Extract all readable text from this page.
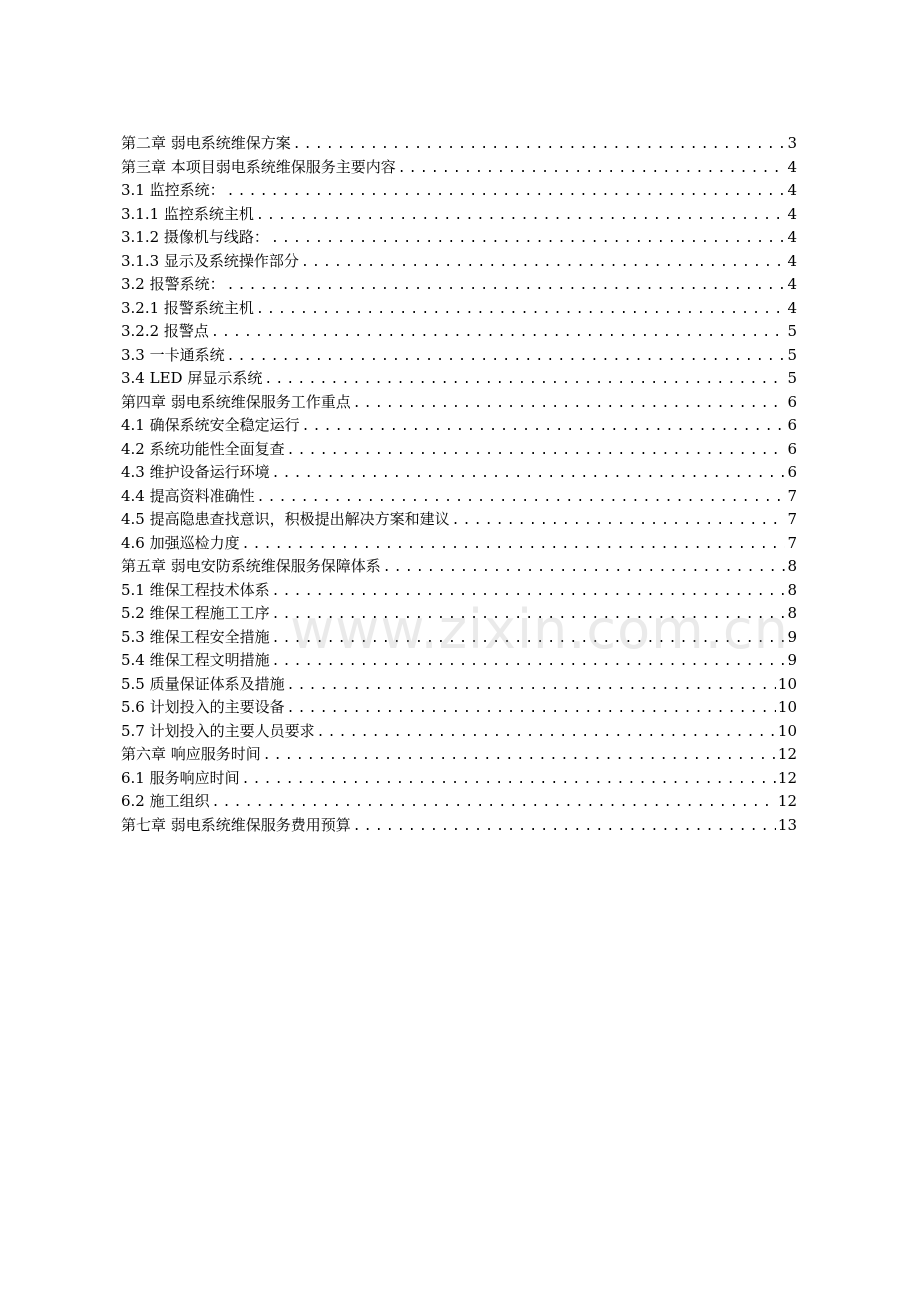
第二章 弱电系统维保方案 .....	3
第三章 本项目弱电系统维保服务主要内容 .....	4
3.1 监控系统： .....	4
3.1.1 监控系统主机 .....	4
3.1.2 摄像机与线路： .....	4
3.1.3 显示及系统操作部分 .....	4
3.2 报警系统： .....	4
3.2.1 报警系统主机 .....	4
3.2.2 报警点 .....	5
3.3 一卡通系统 .....	5
3.4 LED 屏显示系统 .....	5
第四章 弱电系统维保服务工作重点 .....	6
4.1 确保系统安全稳定运行 .....	6
4.2 系统功能性全面复查 .....	6
4.3 维护设备运行环境 .....	6
4.4 提高资料准确性 .....	7
4.5 提高隐患查找意识，积极提出解决方案和建议 .....	7
4.6 加强巡检力度 .....	7
第五章 弱电安防系统维保服务保障体系 .....	8
5.1 维保工程技术体系 .....	8
5.2 维保工程施工工序 .....	8
5.3 维保工程安全措施 .....	9
5.4 维保工程文明措施 .....	9
5.5 质量保证体系及措施 .....	10
5.6 计划投入的主要设备 .....	10
5.7 计划投入的主要人员要求 .....	10
第六章 响应服务时间 .....	12
6.1 服务响应时间 .....	12
6.2 施工组织 .....	12
第七章 弱电系统维保服务费用预算 .....	13
www.zixin.com.cn
